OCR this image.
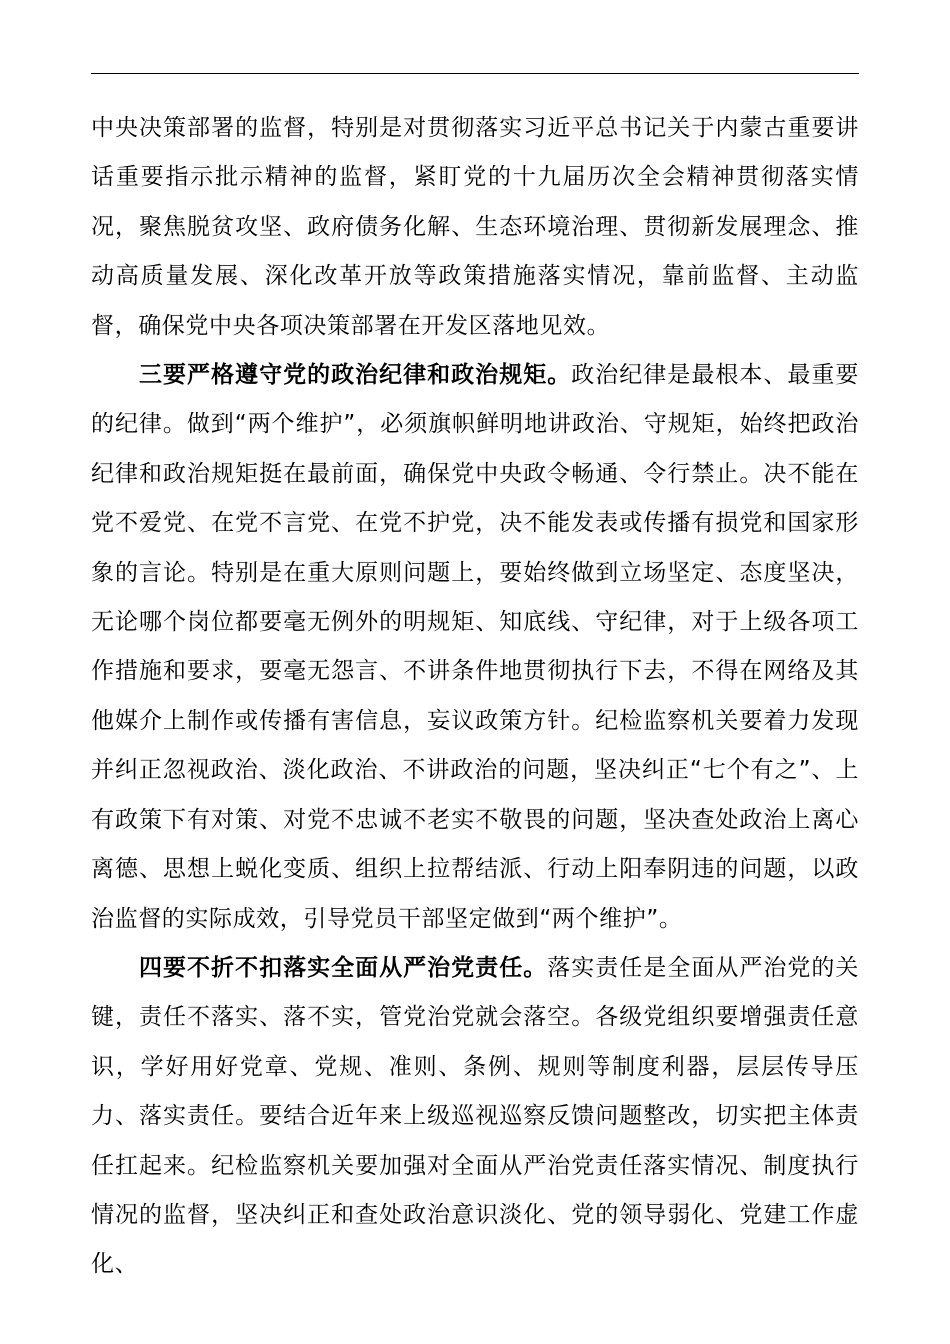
中央决策部署的监督，特别是对贯彻落实习近平总书记关于内蒙古重要讲话重要指示批示精神的监督，紧盯党的十九届历次全会精神贯彻落实情况，聚焦脱贫攻坚、政府债务化解、生态环境治理、贯彻新发展理念、推动高质量发展、深化改革开放等政策措施落实情况，靠前监督、主动监督，确保党中央各项决策部署在开发区落地见效。

三要严格遵守党的政治纪律和政治规矩。政治纪律是最根本、最重要的纪律。做到“两个维护”，必须旗帜鲜明地讲政治、守规矩，始终把政治纪律和政治规矩挺在最前面，确保党中央政令畅通、令行禁止。决不能在党不爱党、在党不言党、在党不护党，决不能发表或传播有损党和国家形象的言论。特别是在重大原则问题上，要始终做到立场坚定、态度坚决，无论哪个岗位都要毫无例外的明规矩、知底线、守纪律，对于上级各项工作措施和要求，要毫无怨言、不讲条件地贯彻执行下去，不得在网络及其他媒介上制作或传播有害信息，妄议政策方针。纪检监察机关要着力发现并纠正忽视政治、淡化政治、不讲政治的问题，坚决纠正“七个有之”、上有政策下有对策、对党不忠诚不老实不敬畏的问题，坚决查处政治上离心离德、思想上蜕化变质、组织上拉帮结派、行动上阳奉阴违的问题，以政治监督的实际成效，引导党员干部坚定做到“两个维护”。

四要不折不扣落实全面从严治党责任。落实责任是全面从严治党的关键，责任不落实、落不实，管党治党就会落空。各级党组织要增强责任意识，学好用好党章、党规、准则、条例、规则等制度利器，层层传导压力、落实责任。要结合近年来上级巡视巡察反馈问题整改，切实把主体责任扛起来。纪检监察机关要加强对全面从严治党责任落实情况、制度执行情况的监督，坚决纠正和查处政治意识淡化、党的领导弱化、党建工作虚化、
